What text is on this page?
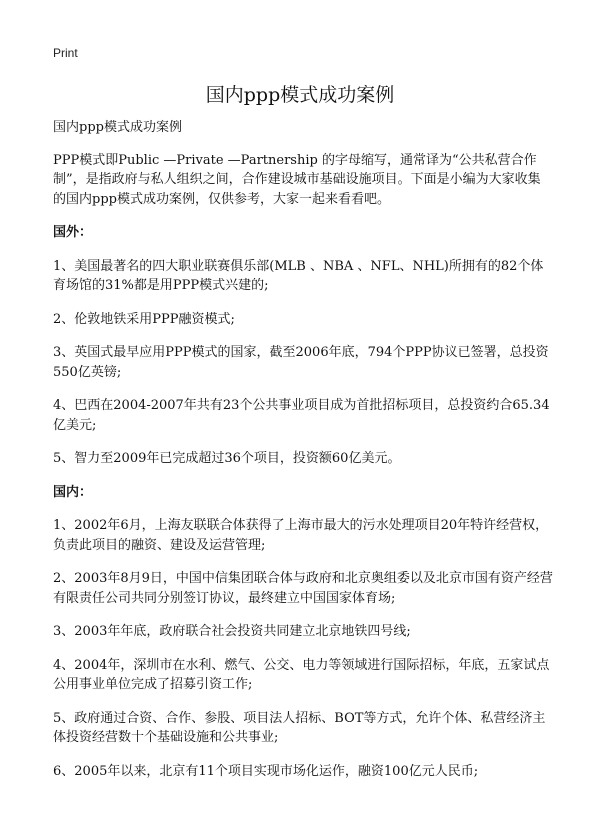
Print
国内ppp模式成功案例

国内ppp模式成功案例

PPP模式即Public —Private —Partnership 的字母缩写，通常译为“公共私营合作制”，是指政府与私人组织之间，合作建设城市基础设施项目。下面是小编为大家收集的国内ppp模式成功案例，仅供参考，大家一起来看看吧。

国外：

1、美国最著名的四大职业联赛俱乐部(MLB 、NBA 、NFL、NHL)所拥有的82个体育场馆的31%都是用PPP模式兴建的;

2、伦敦地铁采用PPP融资模式;

3、英国式最早应用PPP模式的国家，截至2006年底，794个PPP协议已签署，总投资550亿英镑;

4、巴西在2004-2007年共有23个公共事业项目成为首批招标项目，总投资约合65.34亿美元;

5、智力至2009年已完成超过36个项目，投资额60亿美元。

国内：

1、2002年6月，上海友联联合体获得了上海市最大的污水处理项目20年特许经营权，负责此项目的融资、建设及运营管理;

2、2003年8月9日，中国中信集团联合体与政府和北京奥组委以及北京市国有资产经营有限责任公司共同分别签订协议，最终建立中国国家体育场;

3、2003年年底，政府联合社会投资共同建立北京地铁四号线;

4、2004年，深圳市在水利、燃气、公交、电力等领域进行国际招标，年底，五家试点公用事业单位完成了招募引资工作;

5、政府通过合资、合作、参股、项目法人招标、BOT等方式，允许个体、私营经济主体投资经营数十个基础设施和公共事业;

6、2005年以来，北京有11个项目实现市场化运作，融资100亿元人民币;
